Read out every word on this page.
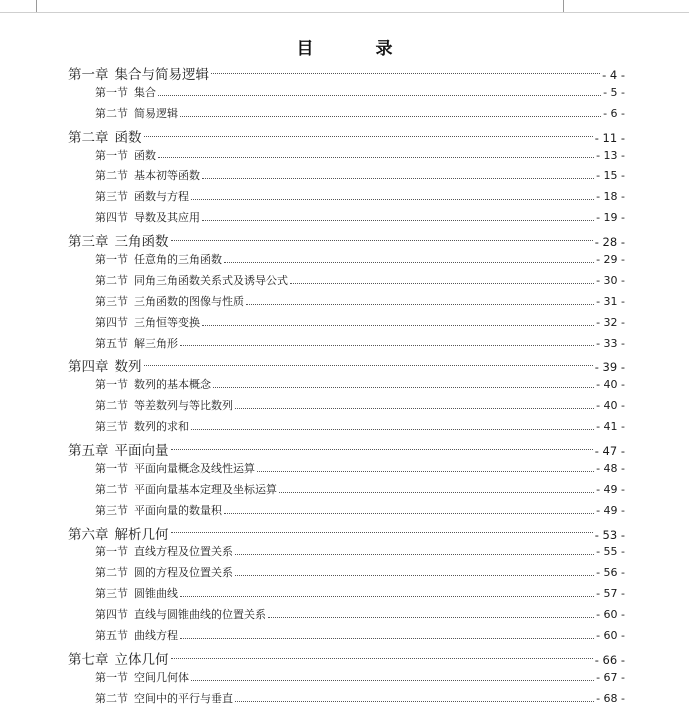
目	录
第一章 集合与简易逻辑	- 4 -
第一节 集合	- 5 -
第二节 简易逻辑	- 6 -
第二章 函数	- 11 -
第一节 函数	- 13 -
第二节 基本初等函数	- 15 -
第三节 函数与方程	- 18 -
第四节 导数及其应用	- 19 -
第三章 三角函数	- 28 -
第一节 任意角的三角函数	- 29 -
第二节 同角三角函数关系式及诱导公式	- 30 -
第三节 三角函数的图像与性质	- 31 -
第四节 三角恒等变换	- 32 -
第五节 解三角形	- 33 -
第四章 数列	- 39 -
第一节 数列的基本概念	- 40 -
第二节 等差数列与等比数列	- 40 -
第三节 数列的求和	- 41 -
第五章 平面向量	- 47 -
第一节 平面向量概念及线性运算	- 48 -
第二节 平面向量基本定理及坐标运算	- 49 -
第三节 平面向量的数量积	- 49 -
第六章 解析几何	- 53 -
第一节 直线方程及位置关系	- 55 -
第二节 圆的方程及位置关系	- 56 -
第三节 圆锥曲线	- 57 -
第四节 直线与圆锥曲线的位置关系	- 60 -
第五节 曲线方程	- 60 -
第七章 立体几何	- 66 -
第一节 空间几何体	- 67 -
第二节 空间中的平行与垂直	- 68 -
